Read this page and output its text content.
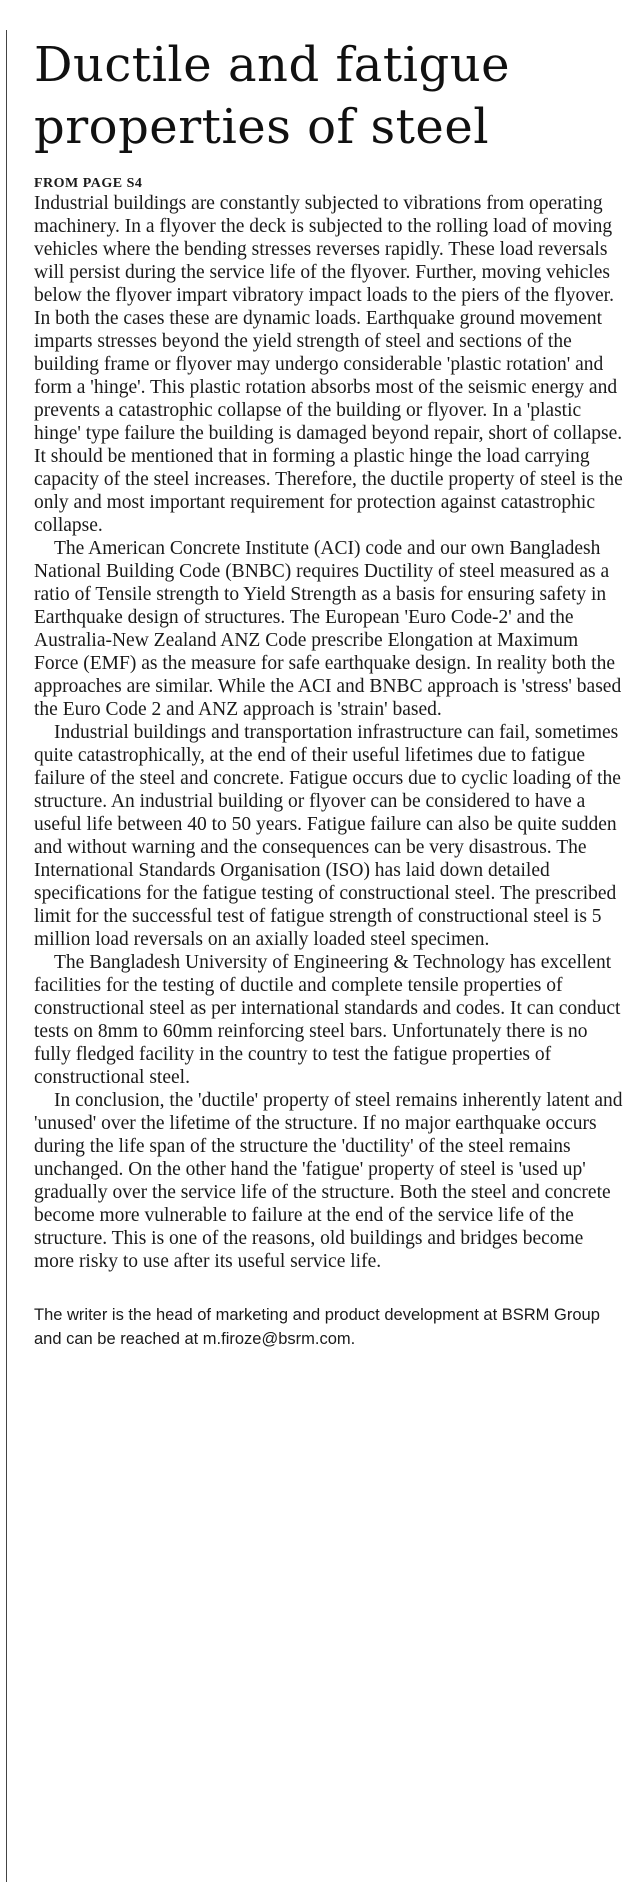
Ductile and fatigue
properties of steel
FROM PAGE S4

Industrial buildings are constantly subjected to vibrations from operating machinery. In a flyover the deck is subjected to the rolling load of moving vehicles where the bending stresses reverses rapidly. These load reversals will persist during the service life of the flyover. Further, moving vehicles below the flyover impart vibratory impact loads to the piers of the flyover. In both the cases these are dynamic loads. Earthquake ground movement imparts stresses beyond the yield strength of steel and sections of the building frame or flyover may undergo considerable 'plastic rotation' and form a 'hinge'. This plastic rotation absorbs most of the seismic energy and prevents a catastrophic collapse of the building or flyover. In a 'plastic hinge' type failure the building is damaged beyond repair, short of collapse. It should be mentioned that in forming a plastic hinge the load carrying capacity of the steel increases. Therefore, the ductile property of steel is the only and most important requirement for protection against catastrophic collapse.

The American Concrete Institute (ACI) code and our own Bangladesh National Building Code (BNBC) requires Ductility of steel measured as a ratio of Tensile strength to Yield Strength as a basis for ensuring safety in Earthquake design of structures. The European 'Euro Code-2' and the Australia-New Zealand ANZ Code prescribe Elongation at Maximum Force (EMF) as the measure for safe earthquake design. In reality both the approaches are similar. While the ACI and BNBC approach is 'stress' based the Euro Code 2 and ANZ approach is 'strain' based.

Industrial buildings and transportation infrastructure can fail, sometimes quite catastrophically, at the end of their useful lifetimes due to fatigue failure of the steel and concrete. Fatigue occurs due to cyclic loading of the structure. An industrial building or flyover can be considered to have a useful life between 40 to 50 years. Fatigue failure can also be quite sudden and without warning and the consequences can be very disastrous. The International Standards Organisation (ISO) has laid down detailed specifications for the fatigue testing of constructional steel. The prescribed limit for the successful test of fatigue strength of constructional steel is 5 million load reversals on an axially loaded steel specimen.

The Bangladesh University of Engineering & Technology has excellent facilities for the testing of ductile and complete tensile properties of constructional steel as per international standards and codes. It can conduct tests on 8mm to 60mm reinforcing steel bars. Unfortunately there is no fully fledged facility in the country to test the fatigue properties of constructional steel.

In conclusion, the 'ductile' property of steel remains inherently latent and 'unused' over the lifetime of the structure. If no major earthquake occurs during the life span of the structure the 'ductility' of the steel remains unchanged. On the other hand the 'fatigue' property of steel is 'used up' gradually over the service life of the structure. Both the steel and concrete become more vulnerable to failure at the end of the service life of the structure. This is one of the reasons, old buildings and bridges become more risky to use after its useful service life.

The writer is the head of marketing and product development at BSRM Group and can be reached at m.firoze@bsrm.com.
